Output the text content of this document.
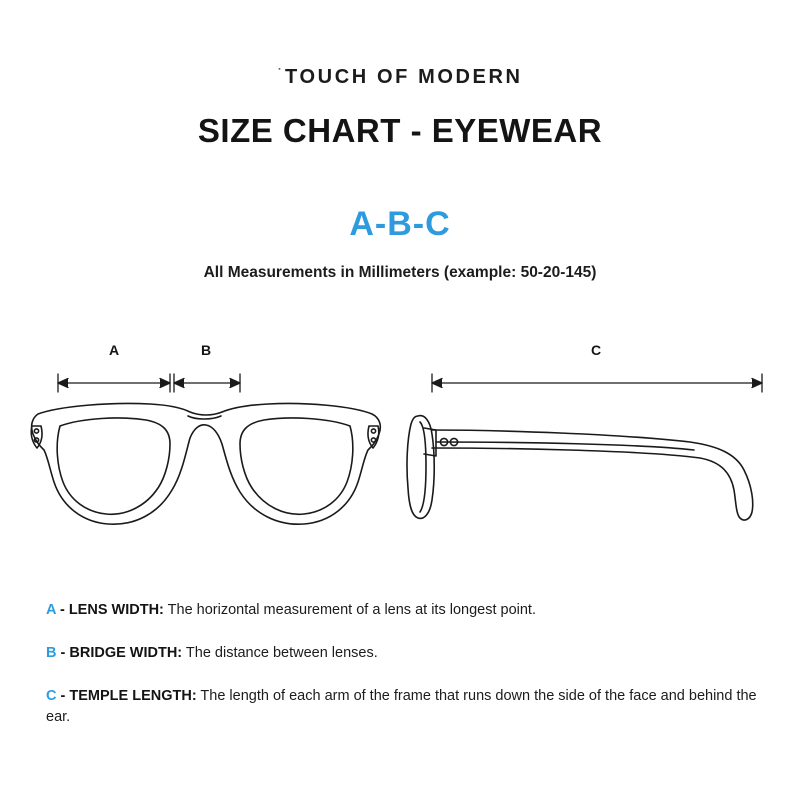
˙TOUCH OF MODERN
SIZE CHART - EYEWEAR
A-B-C
All Measurements in Millimeters (example: 50-20-145)
A	B	C
A - LENS WIDTH: The horizontal measurement of a lens at its longest point.
B - BRIDGE WIDTH: The distance between lenses.
C - TEMPLE LENGTH: The length of each arm of the frame that runs down the side of the face and behind the ear.
